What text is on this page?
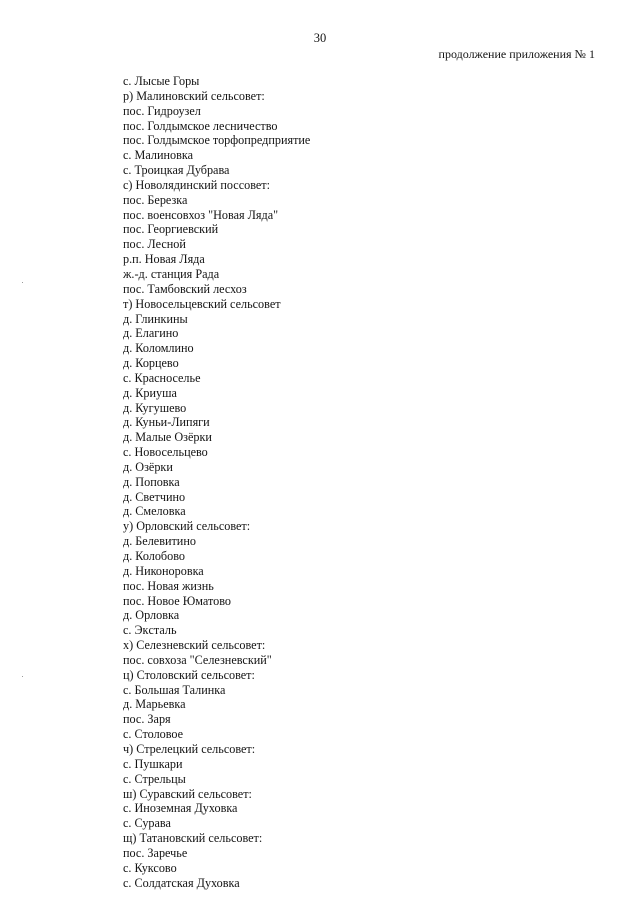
30
продолжение приложения № 1
с. Лысые Горы
р) Малиновский сельсовет:
пос. Гидроузел
пос. Голдымское лесничество
пос. Голдымское торфопредприятие
с. Малиновка
с. Троицкая Дубрава
с) Новолядинский поссовет:
пос. Березка
пос. военсовхоз "Новая Ляда"
пос. Георгиевский
пос. Лесной
р.п. Новая Ляда
ж.-д. станция Рада
пос. Тамбовский лесхоз
т) Новосельцевский сельсовет
д. Глинкины
д. Елагино
д. Коломлино
д. Корцево
с. Красноселье
д. Криуша
д. Кугушево
д. Куньи-Липяги
д. Малые Озёрки
с. Новосельцево
д. Озёрки
д. Поповка
д. Светчино
д. Смеловка
у) Орловский сельсовет:
д. Белевитино
д. Колобово
д. Никоноровка
пос. Новая жизнь
пос. Новое Юматово
д. Орловка
с. Экcталь
х) Селезневский сельсовет:
пос. совхоза "Селезневский"
ц) Столовский сельсовет:
с. Большая Талинка
д. Марьевка
пос. Заря
с. Столовое
ч) Стрелецкий сельсовет:
с. Пушкари
с. Стрельцы
ш) Суравский сельсовет:
с. Иноземная Духовка
с. Сурава
щ) Татановский сельсовет:
пос. Заречье
с. Куксово
с. Солдатская Духовка
